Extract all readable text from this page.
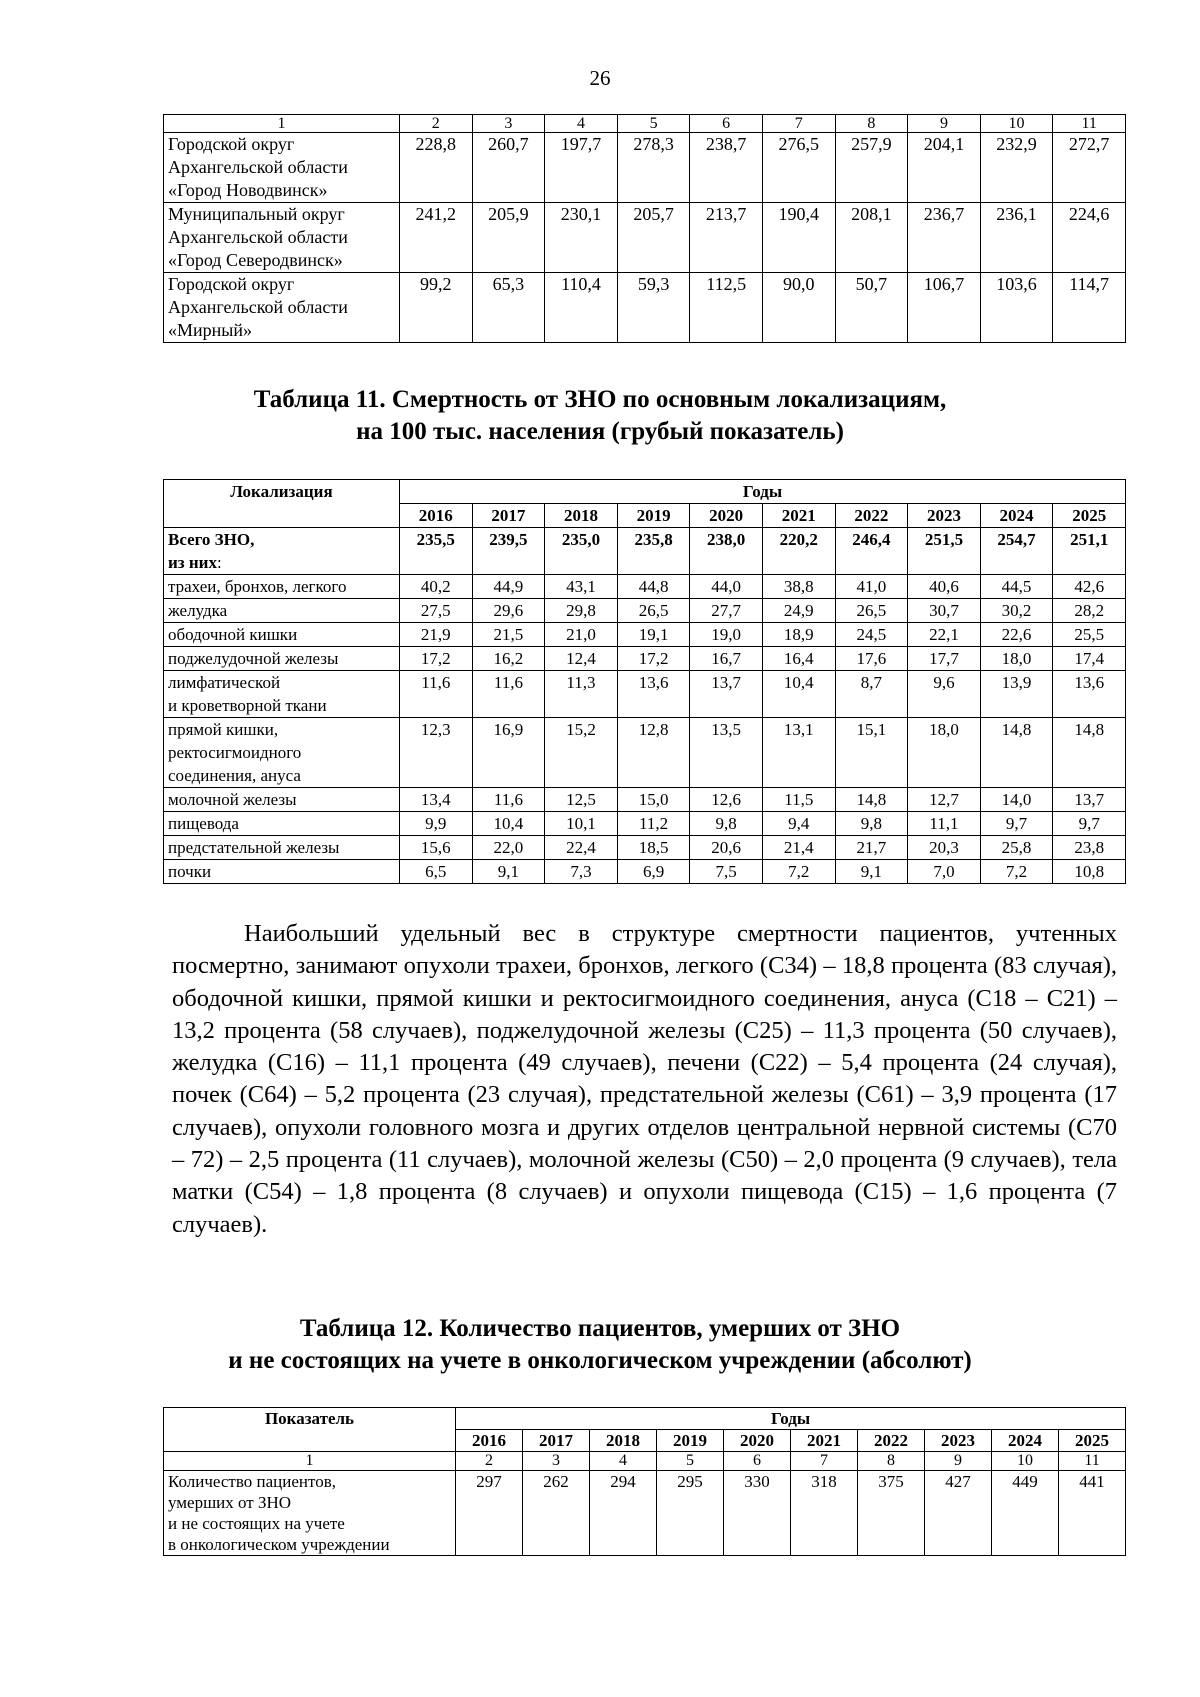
26
1	2	3	4	5	6	7	8	9	10	11

Городской округ
Архангельской области
«Город Новодвинск»	228,8	260,7	197,7	278,3	238,7	276,5	257,9	204,1	232,9	272,7

Муниципальный округ
Архангельской области
«Город Северодвинск»	241,2	205,9	230,1	205,7	213,7	190,4	208,1	236,7	236,1	224,6

Городской округ
Архангельской области
«Мирный»	99,2	65,3	110,4	59,3	112,5	90,0	50,7	106,7	103,6	114,7
Таблица 11. Смертность от ЗНО по основным локализациям,
на 100 тыс. населения (грубый показатель)
Локализация	Годы									
	2016	2017	2018	2019	2020	2021	2022	2023	2024	2025

Всего ЗНО,
из них:	235,5	239,5	235,0	235,8	238,0	220,2	246,4	251,5	254,7	251,1

трахеи, бронхов, легкого	40,2	44,9	43,1	44,8	44,0	38,8	41,0	40,6	44,5	42,6

желудка	27,5	29,6	29,8	26,5	27,7	24,9	26,5	30,7	30,2	28,2

ободочной кишки	21,9	21,5	21,0	19,1	19,0	18,9	24,5	22,1	22,6	25,5

поджелудочной железы	17,2	16,2	12,4	17,2	16,7	16,4	17,6	17,7	18,0	17,4

лимфатической
и кроветворной ткани	11,6	11,6	11,3	13,6	13,7	10,4	8,7	9,6	13,9	13,6

прямой кишки,
ректосигмоидного
соединения, ануса	12,3	16,9	15,2	12,8	13,5	13,1	15,1	18,0	14,8	14,8

молочной железы	13,4	11,6	12,5	15,0	12,6	11,5	14,8	12,7	14,0	13,7

пищевода	9,9	10,4	10,1	11,2	9,8	9,4	9,8	11,1	9,7	9,7

предстательной железы	15,6	22,0	22,4	18,5	20,6	21,4	21,7	20,3	25,8	23,8

почки	6,5	9,1	7,3	6,9	7,5	7,2	9,1	7,0	7,2	10,8

Наибольший удельный вес в структуре смертности пациентов, учтенных посмертно, занимают опухоли трахеи, бронхов, легкого (С34) – 18,8 процента (83 случая), ободочной кишки, прямой кишки и ректосигмоидного соединения, ануса (С18 – С21) – 13,2 процента (58 случаев), поджелудочной железы (С25) – 11,3 процента (50 случаев), желудка (С16) – 11,1 процента (49 случаев), печени (С22) – 5,4 процента (24 случая), почек (С64) – 5,2 процента (23 случая), предстательной железы (С61) – 3,9 процента (17 случаев), опухоли головного мозга и других отделов центральной нервной системы (С70 – 72) – 2,5 процента (11 случаев), молочной железы (С50) – 2,0 процента (9 случаев), тела матки (С54) – 1,8 процента (8 случаев) и опухоли пищевода (С15) – 1,6 процента (7 случаев).

Таблица 12. Количество пациентов, умерших от ЗНО
и не состоящих на учете в онкологическом учреждении (абсолют)
Показатель	Годы									
	2016	2017	2018	2019	2020	2021	2022	2023	2024	2025
1	2	3	4	5	6	7	8	9	10	11

Количество пациентов,
умерших от ЗНО
и не состоящих на учете
в онкологическом учреждении	297	262	294	295	330	318	375	427	449	441
